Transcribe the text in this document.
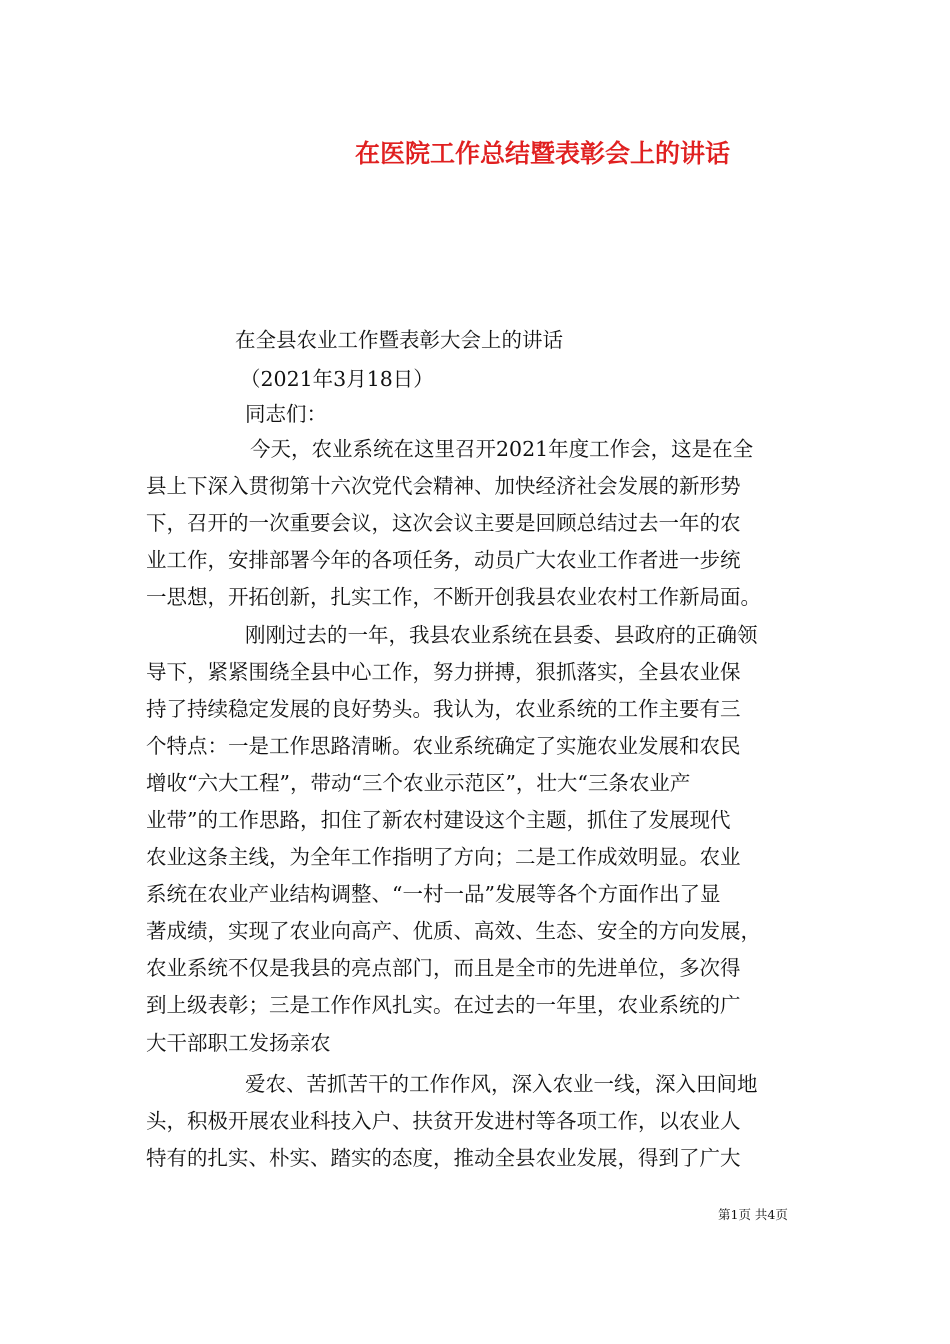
在医院工作总结暨表彰会上的讲话
在全县农业工作暨表彰大会上的讲话
（2021年3月18日）
同志们：
今天，农业系统在这里召开2021年度工作会，这是在全
县上下深入贯彻第十六次党代会精神、加快经济社会发展的新形势
下，召开的一次重要会议，这次会议主要是回顾总结过去一年的农
业工作，安排部署今年的各项任务，动员广大农业工作者进一步统
一思想，开拓创新，扎实工作，不断开创我县农业农村工作新局面。
刚刚过去的一年，我县农业系统在县委、县政府的正确领
导下，紧紧围绕全县中心工作，努力拼搏，狠抓落实，全县农业保
持了持续稳定发展的良好势头。我认为，农业系统的工作主要有三
个特点：一是工作思路清晰。农业系统确定了实施农业发展和农民
增收“六大工程”，带动“三个农业示范区”，壮大“三条农业产
业带”的工作思路，扣住了新农村建设这个主题，抓住了发展现代
农业这条主线，为全年工作指明了方向；二是工作成效明显。农业
系统在农业产业结构调整、“一村一品”发展等各个方面作出了显
著成绩，实现了农业向高产、优质、高效、生态、安全的方向发展，
农业系统不仅是我县的亮点部门，而且是全市的先进单位，多次得
到上级表彰；三是工作作风扎实。在过去的一年里，农业系统的广
大干部职工发扬亲农
爱农、苦抓苦干的工作作风，深入农业一线，深入田间地
头，积极开展农业科技入户、扶贫开发进村等各项工作，以农业人
特有的扎实、朴实、踏实的态度，推动全县农业发展，得到了广大
第1页 共4页
